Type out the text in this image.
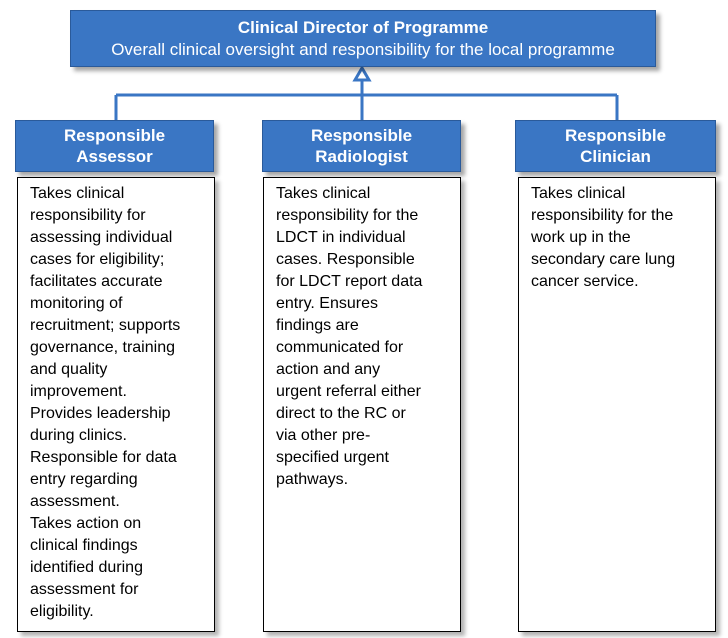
Clinical Director of Programme
Overall clinical oversight and responsibility for the local programme
Responsible
Assessor
Responsible
Radiologist
Responsible
Clinician
Takes clinical
responsibility for
assessing individual
cases for eligibility;
facilitates accurate
monitoring of
recruitment; supports
governance, training
and quality
improvement.
Provides leadership
during clinics.
Responsible for data
entry regarding
assessment.
Takes action on
clinical findings
identified during
assessment for
eligibility.
Takes clinical
responsibility for the
LDCT in individual
cases. Responsible
for LDCT report data
entry. Ensures
findings are
communicated for
action and any
urgent referral either
direct to the RC or
via other pre-
specified urgent
pathways.
Takes clinical
responsibility for the
work up in the
secondary care lung
cancer service.
